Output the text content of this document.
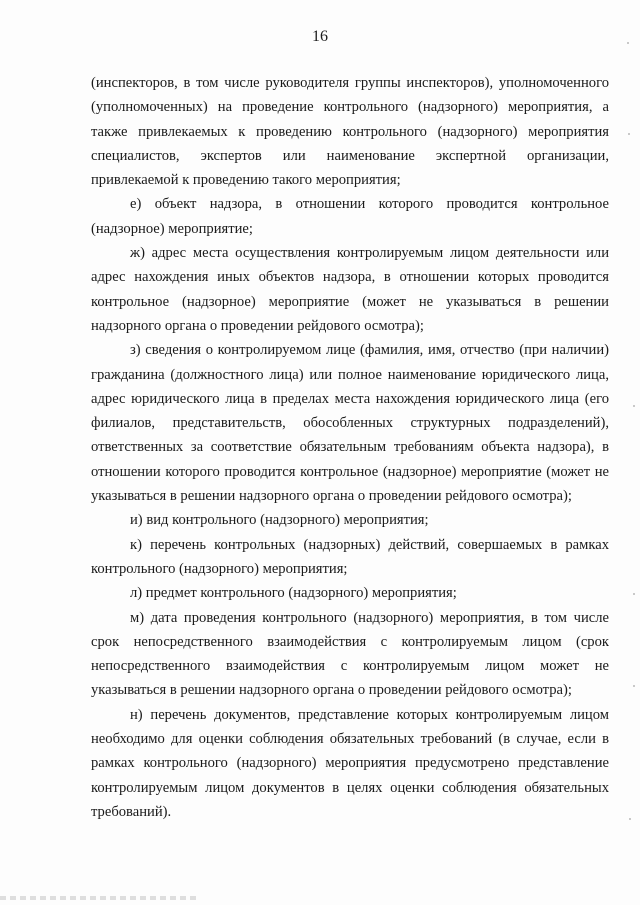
16

(инспекторов, в том числе руководителя группы инспекторов), уполномоченного (уполномоченных) на проведение контрольного (надзорного) мероприятия, а также привлекаемых к проведению контрольного (надзорного) мероприятия специалистов, экспертов или наименование экспертной организации, привлекаемой к проведению такого мероприятия;

е) объект надзора, в отношении которого проводится контрольное (надзорное) мероприятие;

ж) адрес места осуществления контролируемым лицом деятельности или адрес нахождения иных объектов надзора, в отношении которых проводится контрольное (надзорное) мероприятие (может не указываться в решении надзорного органа о проведении рейдового осмотра);

з) сведения о контролируемом лице (фамилия, имя, отчество (при наличии) гражданина (должностного лица) или полное наименование юридического лица, адрес юридического лица в пределах места нахождения юридического лица (его филиалов, представительств, обособленных структурных подразделений), ответственных за соответствие обязательным требованиям объекта надзора), в отношении которого проводится контрольное (надзорное) мероприятие (может не указываться в решении надзорного органа о проведении рейдового осмотра);

и) вид контрольного (надзорного) мероприятия;

к) перечень контрольных (надзорных) действий, совершаемых в рамках контрольного (надзорного) мероприятия;

л) предмет контрольного (надзорного) мероприятия;

м) дата проведения контрольного (надзорного) мероприятия, в том числе срок непосредственного взаимодействия с контролируемым лицом (срок непосредственного взаимодействия с контролируемым лицом может не указываться в решении надзорного органа о проведении рейдового осмотра);

н) перечень документов, представление которых контролируемым лицом необходимо для оценки соблюдения обязательных требований (в случае, если в рамках контрольного (надзорного) мероприятия предусмотрено представление контролируемым лицом документов в целях оценки соблюдения обязательных требований).
